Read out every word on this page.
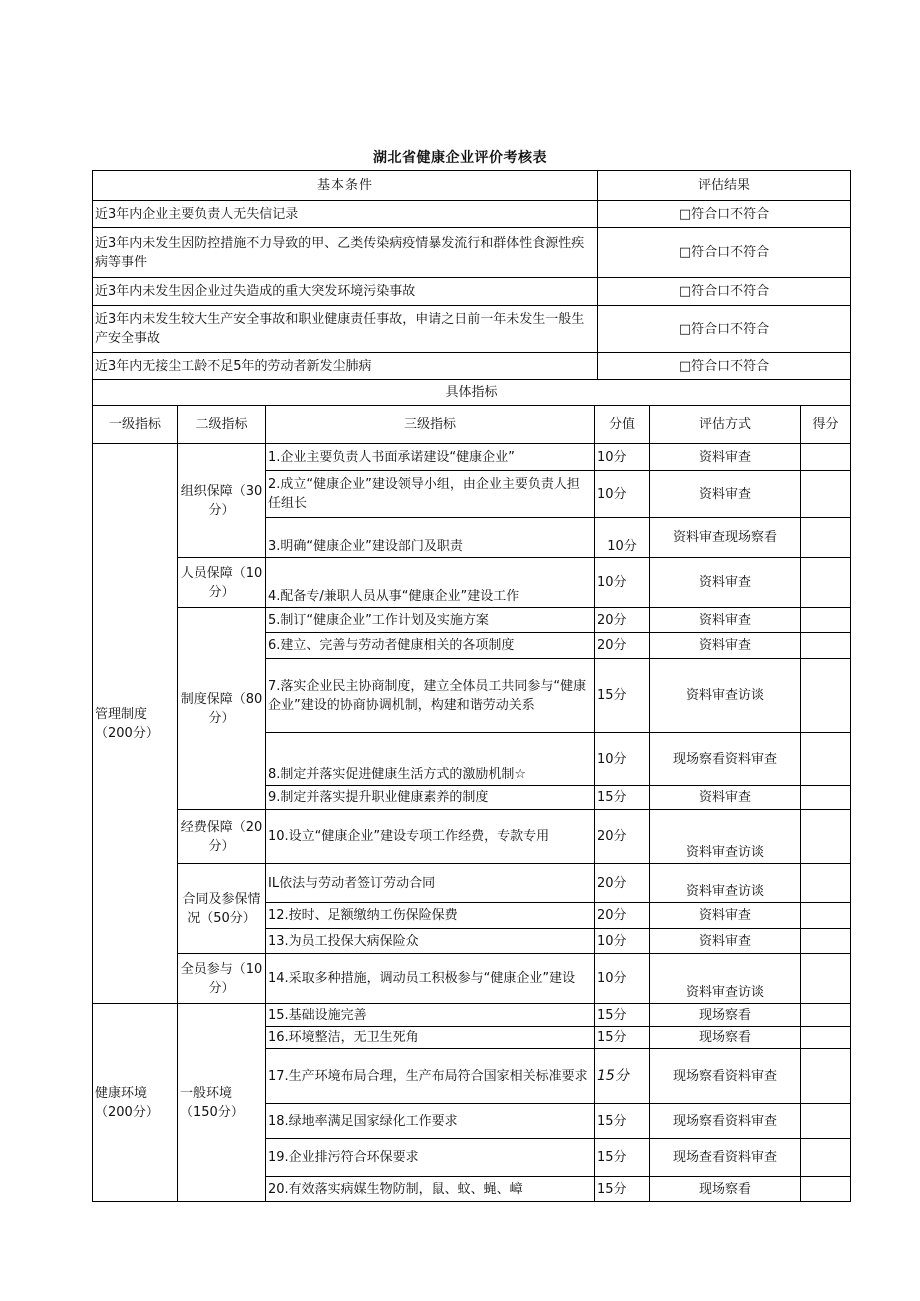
湖北省健康企业评价考核表
基本条件	评估结果
近3年内企业主要负责人无失信记录	□符合口不符合
近3年内未发生因防控措施不力导致的甲、乙类传染病疫情暴发流行和群体性食源性疾病等事件	□符合口不符合
近3年内未发生因企业过失造成的重大突发环境污染事故	□符合口不符合
近3年内未发生较大生产安全事故和职业健康责任事故，申请之日前一年未发生一般生产安全事故	□符合口不符合
近3年内无接尘工龄不足5年的劳动者新发尘肺病	□符合口不符合
具体指标	
一级指标	二级指标	三级指标	分值	评估方式	得分
管理制度（200分）	组织保障（30分）	1.企业主要负责人书面承诺建设“健康企业”	10分	资料审查	
		2.成立“健康企业”建设领导小组，由企业主要负责人担任组长	10分	资料审查	
		3.明确“健康企业”建设部门及职责	10分	资料审查现场察看	
	人员保障（10分）	4.配备专/兼职人员从事“健康企业”建设工作	10分	资料审查	
	制度保障（80分）	5.制订“健康企业”工作计划及实施方案	20分	资料审查	
		6.建立、完善与劳动者健康相关的各项制度	20分	资料审查	
		7.落实企业民主协商制度，建立全体员工共同参与“健康企业”建设的协商协调机制，构建和谐劳动关系	15分	资料审查访谈	
		8.制定并落实促进健康生活方式的激励机制☆	10分	现场察看资料审查	
		9.制定并落实提升职业健康素养的制度	15分	资料审查	
	经费保障（20分）	10.设立“健康企业”建设专项工作经费，专款专用	20分	资料审查访谈	
	合同及参保情况（50分）	IL依法与劳动者签订劳动合同	20分	资料审查访谈	
		12.按时、足额缴纳工伤保险保费	20分	资料审查	
		13.为员工投保大病保险众	10分	资料审查	
	全员参与（10分）	14.采取多种措施，调动员工积极参与“健康企业”建设	10分	资料审查访谈	
健康环境（200分）	一般环境（150分）	15.基础设施完善	15分	现场察看	
		16.环境整洁，无卫生死角	15分	现场察看	
		17.生产环境布局合理，生产布局符合国家相关标准要求	15分	现场察看资料审查	
		18.绿地率满足国家绿化工作要求	15分	现场察看资料审查	
		19.企业排污符合环保要求	15分	现场查看资料审查	
		20.有效落实病媒生物防制，鼠、蚊、蝇、嶂	15分	现场察看	
